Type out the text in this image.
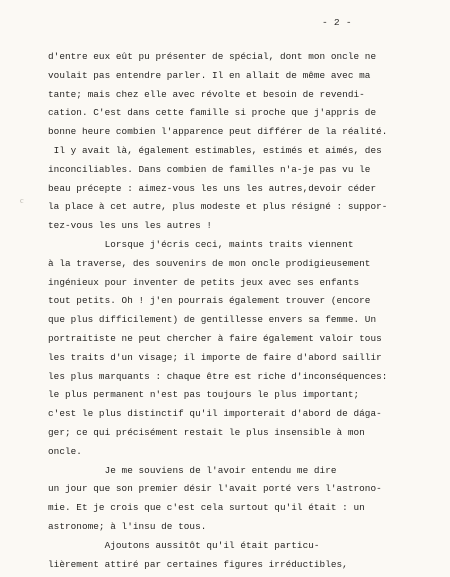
- 2 -
c
d'entre eux eût pu présenter de spécial, dont mon oncle ne
voulait pas entendre parler. Il en allait de même avec ma
tante; mais chez elle avec révolte et besoin de revendi-
cation. C'est dans cette famille si proche que j'appris de
bonne heure combien l'apparence peut différer de la réalité.
Il y avait là, également estimables, estimés et aimés, des
inconciliables. Dans combien de familles n'a-je pas vu le
beau précepte : aimez-vous les uns les autres,devoir céder
la place à cet autre, plus modeste et plus résigné : suppor-
tez-vous les uns les autres !
Lorsque j'écris ceci, maints traits viennent
à la traverse, des souvenirs de mon oncle prodigieusement
ingénieux pour inventer de petits jeux avec ses enfants
tout petits. Oh ! j'en pourrais également trouver (encore
que plus difficilement) de gentillesse envers sa femme. Un
portraitiste ne peut chercher à faire également valoir tous
les traits d'un visage; il importe de faire d'abord saillir
les plus marquants : chaque être est riche d'inconséquences:
le plus permanent n'est pas toujours le plus important;
c'est le plus distinctif qu'il importerait d'abord de dága-
ger; ce qui précisément restait le plus insensible à mon
oncle.
Je me souviens de l'avoir entendu me dire
un jour que son premier désir l'avait porté vers l'astrono-
mie. Et je crois que c'est cela surtout qu'il était : un
astronome; à l'insu de tous.
Ajoutons aussitôt qu'il était particu-
lièrement attiré par certaines figures irréductibles,
